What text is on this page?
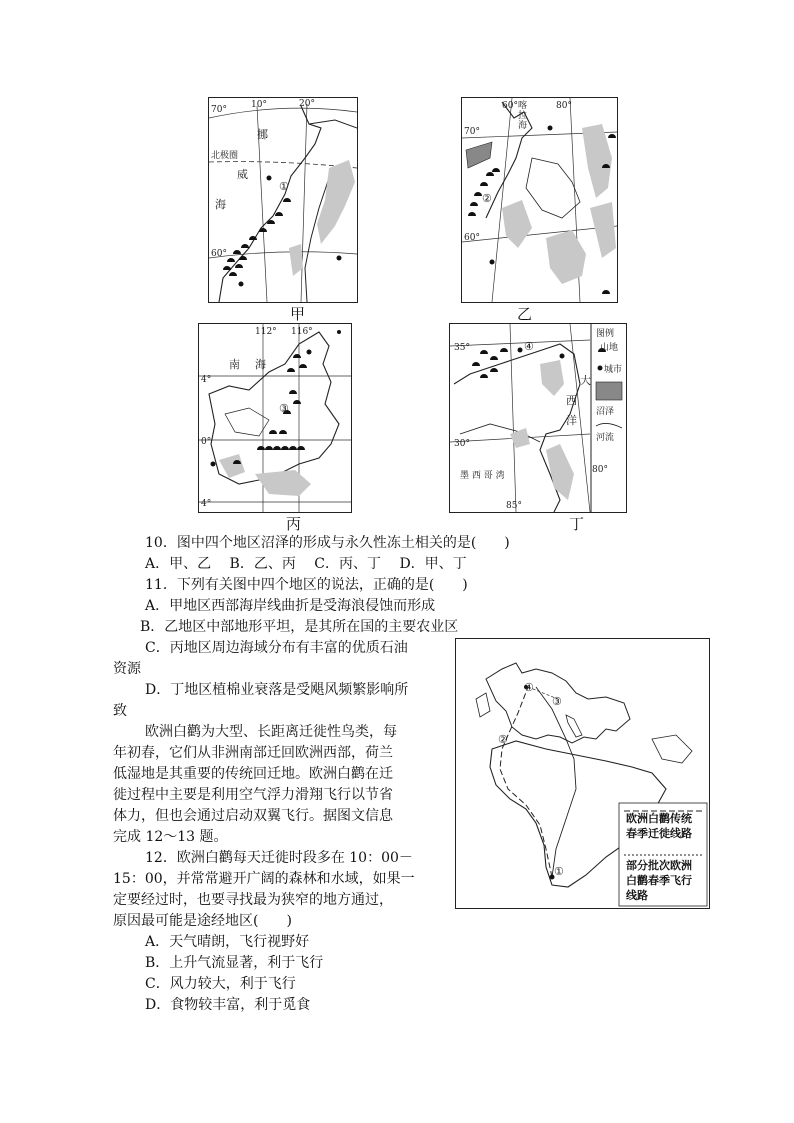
70°
60°
10°	20°
北极圈
海
挪
威
①
甲
70°
60°
60°	80°
喀
拉
海
②
乙
112° 116°
4°
0°
4°
南 海
③
丙
图例
山地
城市
沼泽
河流
35°
30°
85°
80°
墨 西 哥 湾
大
西
洋
④
丁
10．图中四个地区沼泽的形成与永久性冻土相关的是(　　)
A．甲、乙　 B．乙、丙　 C．丙、丁　 D．甲、丁
11．下列有关图中四个地区的说法，正确的是(　　)
A．甲地区西部海岸线曲折是受海浪侵蚀而形成
B．乙地区中部地形平坦，是其所在国的主要农业区
C．丙地区周边海域分布有丰富的优质石油
资源
D．丁地区植棉业衰落是受飓风频繁影响所
致
欧洲白鹳为大型、长距离迁徙性鸟类，每
年初春，它们从非洲南部迁回欧洲西部，荷兰
低湿地是其重要的传统回迁地。欧洲白鹳在迁
徙过程中主要是利用空气浮力滑翔飞行以节省
体力，但也会通过启动双翼飞行。据图文信息
完成 12～13 题。
12．欧洲白鹳每天迁徙时段多在 10：00－
15：00，并常常避开广阔的森林和水域，如果一
定要经过时，也要寻找最为狭窄的地方通过，
原因最可能是途经地区(　　)
A．天气晴朗，飞行视野好
B．上升气流显著，利于飞行
C．风力较大，利于飞行
D．食物较丰富，利于觅食
①
②
③
④
欧洲白鹳传统春季迁徙线路
部分批次欧洲白鹳春季飞行线路
